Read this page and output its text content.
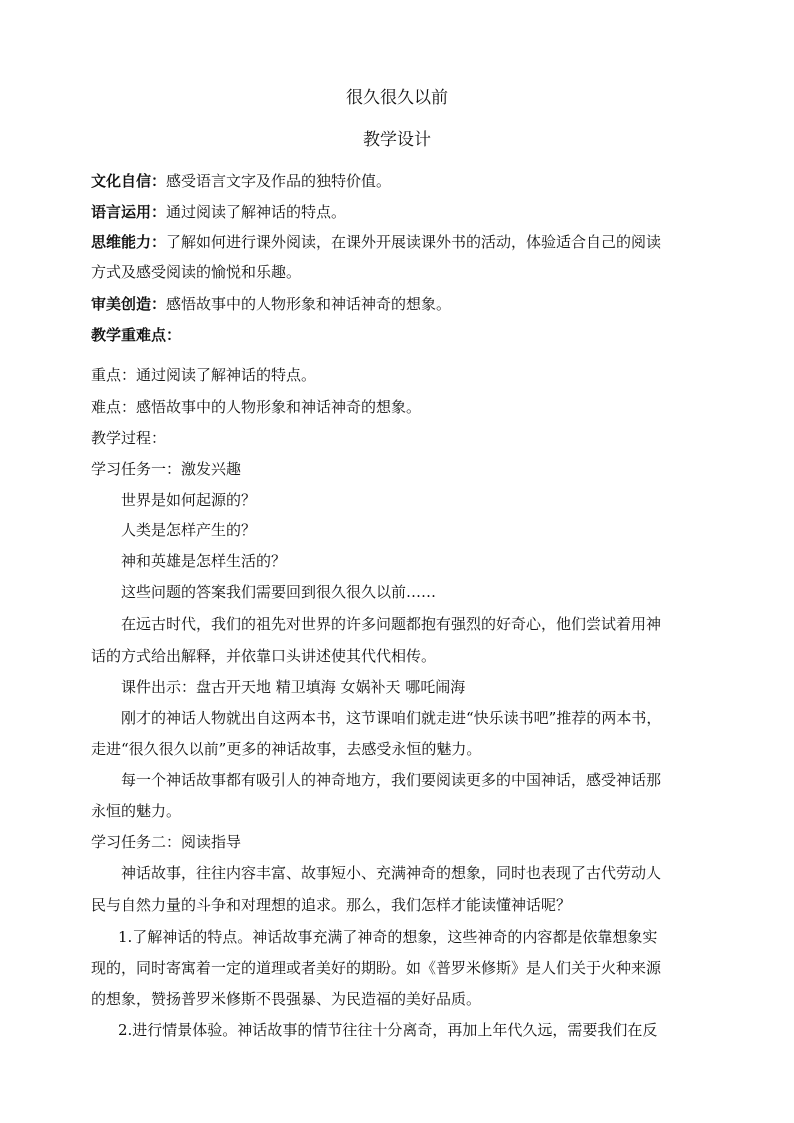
很久很久以前
教学设计
文化自信：感受语言文字及作品的独特价值。
语言运用：通过阅读了解神话的特点。
思维能力：了解如何进行课外阅读，在课外开展读课外书的活动，体验适合自己的阅读
方式及感受阅读的愉悦和乐趣。
审美创造：感悟故事中的人物形象和神话神奇的想象。
教学重难点：
重点：通过阅读了解神话的特点。
难点：感悟故事中的人物形象和神话神奇的想象。
教学过程：
学习任务一：激发兴趣
世界是如何起源的？
人类是怎样产生的？
神和英雄是怎样生活的？
这些问题的答案我们需要回到很久很久以前……
在远古时代，我们的祖先对世界的许多问题都抱有强烈的好奇心，他们尝试着用神
话的方式给出解释，并依靠口头讲述使其代代相传。
课件出示：盘古开天地 精卫填海 女娲补天 哪吒闹海
刚才的神话人物就出自这两本书，这节课咱们就走进“快乐读书吧”推荐的两本书，
走进“很久很久以前”更多的神话故事，去感受永恒的魅力。
每一个神话故事都有吸引人的神奇地方，我们要阅读更多的中国神话，感受神话那
永恒的魅力。
学习任务二：阅读指导
神话故事，往往内容丰富、故事短小、充满神奇的想象，同时也表现了古代劳动人
民与自然力量的斗争和对理想的追求。那么，我们怎样才能读懂神话呢？
1.了解神话的特点。神话故事充满了神奇的想象，这些神奇的内容都是依靠想象实
现的，同时寄寓着一定的道理或者美好的期盼。如《普罗米修斯》是人们关于火种来源
的想象，赞扬普罗米修斯不畏强暴、为民造福的美好品质。
2.进行情景体验。神话故事的情节往往十分离奇，再加上年代久远，需要我们在反
